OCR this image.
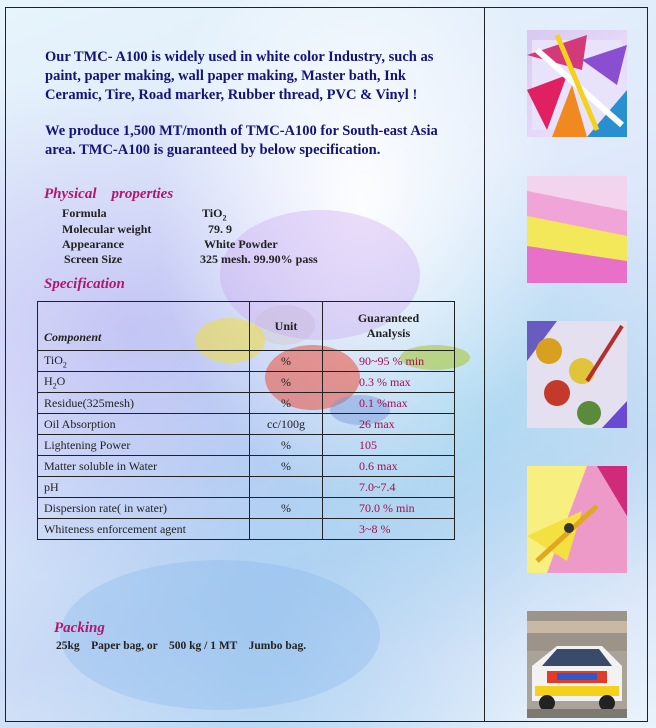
Our TMC- A100 is widely used in white color Industry, such as paint, paper making, wall paper making, Master bath, Ink Ceramic, Tire, Road marker, Rubber thread, PVC & Vinyl !

We produce 1,500 MT/month of TMC-A100 for South-east Asia area. TMC-A100 is guaranteed by below specification.

Physical    properties
Formula	TiO$_2$
Molecular weight	79. 9
Appearance	White Powder
Screen Size	325 mesh. 99.90% pass
Specification
Component	Unit	Guaranteed Analysis
TiO$_2$	%	90~95 % min
$H_2O$	%	0.3 % max
Residue(325mesh)	%	0.1 %max
Oil Absorption	cc/100g	26 max
Lightening Power	%	105
Matter soluble in Water	%	0.6 max
pH		7.0~7.4
Dispersion rate( in water)	%	70.0 % min
Whiteness enforcement agent		3~8 %
Packing
25kg    Paper bag, or    500 kg / 1 MT    Jumbo bag.
